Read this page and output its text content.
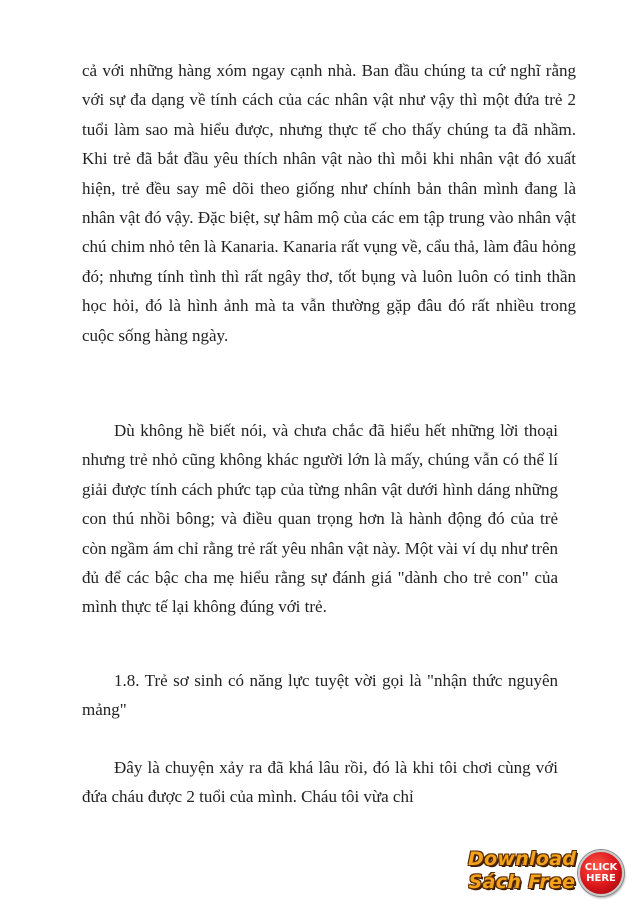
cả với những hàng xóm ngay cạnh nhà. Ban đầu chúng ta cứ nghĩ rằng với sự đa dạng về tính cách của các nhân vật như vậy thì một đứa trẻ 2 tuổi làm sao mà hiểu được, nhưng thực tế cho thấy chúng ta đã nhầm. Khi trẻ đã bắt đầu yêu thích nhân vật nào thì mỗi khi nhân vật đó xuất hiện, trẻ đều say mê dõi theo giống như chính bản thân mình đang là nhân vật đó vậy. Đặc biệt, sự hâm mộ của các em tập trung vào nhân vật chú chim nhỏ tên là Kanaria. Kanaria rất vụng về, cẩu thả, làm đâu hỏng đó; nhưng tính tình thì rất ngây thơ, tốt bụng và luôn luôn có tinh thần học hỏi, đó là hình ảnh mà ta vẫn thường gặp đâu đó rất nhiều trong cuộc sống hàng ngày.

Dù không hề biết nói, và chưa chắc đã hiểu hết những lời thoại nhưng trẻ nhỏ cũng không khác người lớn là mấy, chúng vẫn có thể lí giải được tính cách phức tạp của từng nhân vật dưới hình dáng những con thú nhồi bông; và điều quan trọng hơn là hành động đó của trẻ còn ngầm ám chỉ rằng trẻ rất yêu nhân vật này. Một vài ví dụ như trên đủ để các bậc cha mẹ hiểu rằng sự đánh giá "dành cho trẻ con" của mình thực tế lại không đúng với trẻ.

1.8. Trẻ sơ sinh có năng lực tuyệt vời gọi là "nhận thức nguyên mảng"

Đây là chuyện xảy ra đã khá lâu rồi, đó là khi tôi chơi cùng với đứa cháu được 2 tuổi của mình. Cháu tôi vừa chỉ

Download
Sách Free
CLICK
HERE
